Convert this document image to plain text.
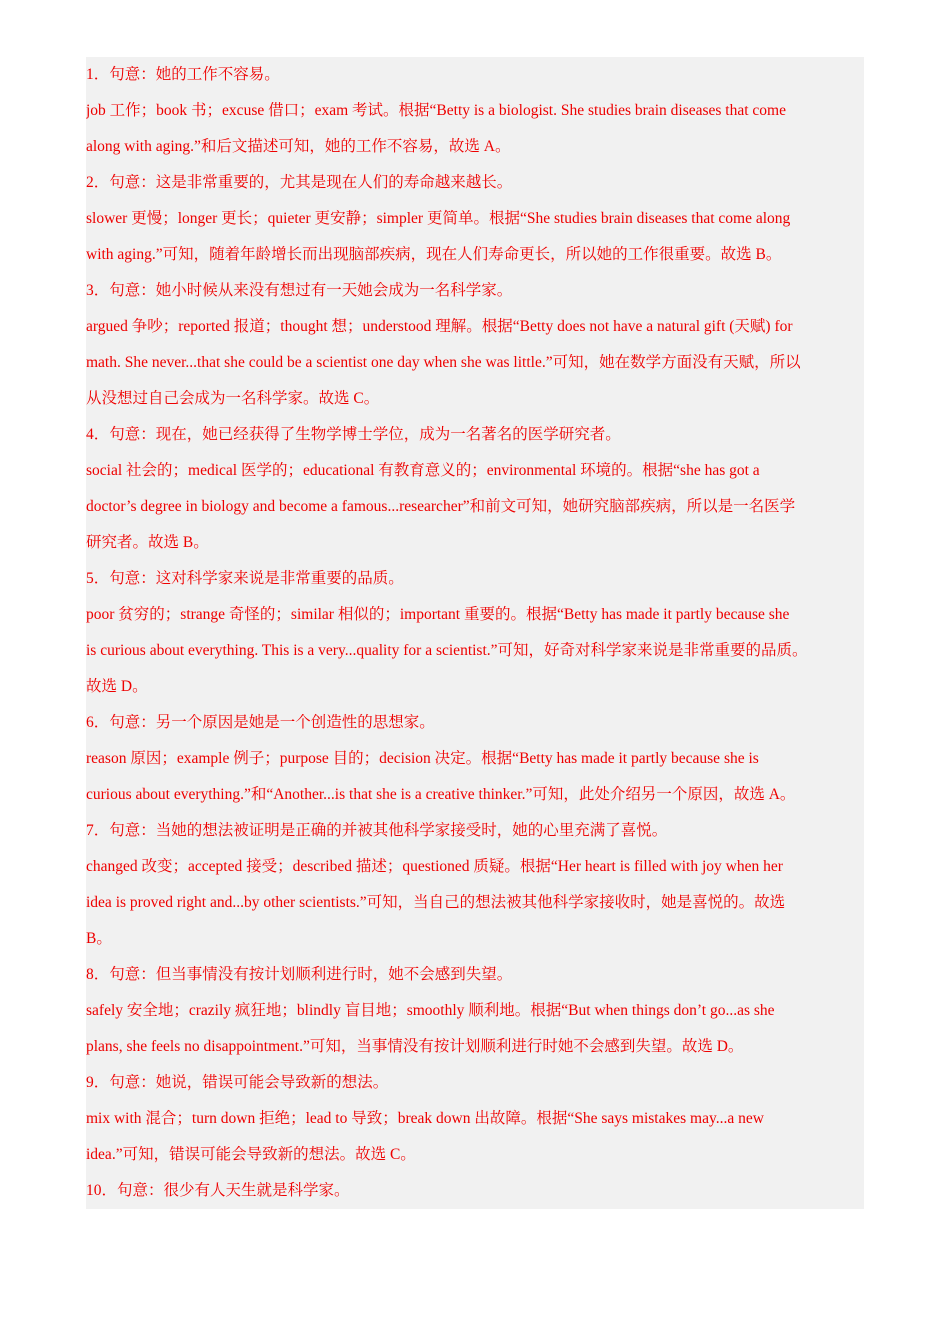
1．句意：她的工作不容易。
job 工作；book 书；excuse 借口；exam 考试。根据“Betty is a biologist. She studies brain diseases that come
along with aging.”和后文描述可知，她的工作不容易，故选 A。
2．句意：这是非常重要的，尤其是现在人们的寿命越来越长。
slower 更慢；longer 更长；quieter 更安静；simpler 更简单。根据“She studies brain diseases that come along
with aging.”可知，随着年龄增长而出现脑部疾病，现在人们寿命更长，所以她的工作很重要。故选 B。
3．句意：她小时候从来没有想过有一天她会成为一名科学家。
argued 争吵；reported 报道；thought 想；understood 理解。根据“Betty does not have a natural gift (天赋) for
math. She never...that she could be a scientist one day when she was little.”可知，她在数学方面没有天赋，所以
从没想过自己会成为一名科学家。故选 C。
4．句意：现在，她已经获得了生物学博士学位，成为一名著名的医学研究者。
social 社会的；medical 医学的；educational 有教育意义的；environmental 环境的。根据“she has got a
doctor’s degree in biology and become a famous...researcher”和前文可知，她研究脑部疾病，所以是一名医学
研究者。故选 B。
5．句意：这对科学家来说是非常重要的品质。
poor 贫穷的；strange 奇怪的；similar 相似的；important 重要的。根据“Betty has made it partly because she
is curious about everything. This is a very...quality for a scientist.”可知，好奇对科学家来说是非常重要的品质。
故选 D。
6．句意：另一个原因是她是一个创造性的思想家。
reason 原因；example 例子；purpose 目的；decision 决定。根据“Betty has made it partly because she is
curious about everything.”和“Another...is that she is a creative thinker.”可知，此处介绍另一个原因，故选 A。
7．句意：当她的想法被证明是正确的并被其他科学家接受时，她的心里充满了喜悦。
changed 改变；accepted 接受；described 描述；questioned 质疑。根据“Her heart is filled with joy when her
idea is proved right and...by other scientists.”可知，当自己的想法被其他科学家接收时，她是喜悦的。故选
B。
8．句意：但当事情没有按计划顺利进行时，她不会感到失望。
safely 安全地；crazily 疯狂地；blindly 盲目地；smoothly 顺利地。根据“But when things don’t go...as she
plans, she feels no disappointment.”可知，当事情没有按计划顺利进行时她不会感到失望。故选 D。
9．句意：她说，错误可能会导致新的想法。
mix with 混合；turn down 拒绝；lead to 导致；break down 出故障。根据“She says mistakes may...a new
idea.”可知，错误可能会导致新的想法。故选 C。
10．句意：很少有人天生就是科学家。
